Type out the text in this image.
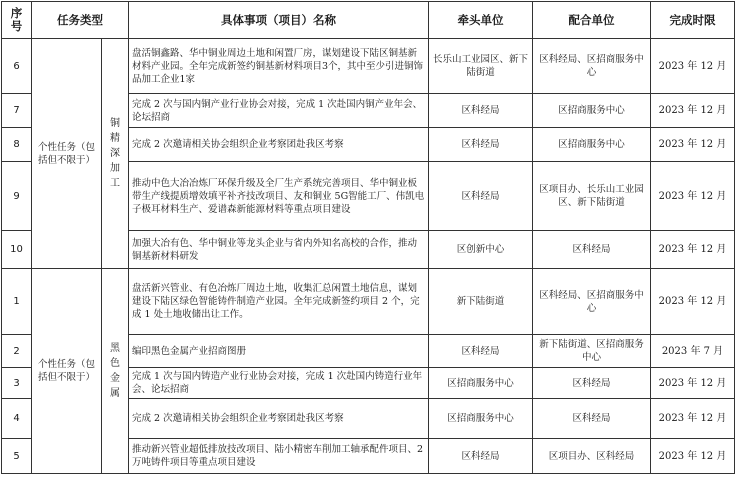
序号	任务类型		具体事项（项目）名称	牵头单位	配合单位	完成时限
6	个性任务（包括但不限于）	铜精深加工	盘活铜鑫路、华中铜业周边土地和闲置厂房，谋划建设下陆区铜基新材料产业园。全年完成新签约铜基新材料项目3个，其中至少引进铜饰品加工企业1家	长乐山工业园区、新下陆街道	区科经局、区招商服务中心	2023 年 12 月
7			完成 2 次与国内铜产业行业协会对接，完成 1 次赴国内铜产业年会、论坛招商	区科经局	区招商服务中心	2023 年 12 月
8			完成 2 次邀请相关协会组织企业考察团赴我区考察	区科经局	区招商服务中心	2023 年 12 月
9			推动中色大冶冶炼厂环保升级及全厂生产系统完善项目、华中铜业板带生产线提质增效填平补齐技改项目、友和铜业 5G智能工厂、伟凯电子极耳材料生产、爱谱森新能源材料等重点项目建设	区科经局	区项目办、长乐山工业园区、新下陆街道	2023 年 12 月
10			加强大冶有色、华中铜业等龙头企业与省内外知名高校的合作，推动铜基新材料研发	区创新中心	区科经局	2023 年 12 月
1	个性任务（包括但不限于）	黑色金属	盘活新兴管业、有色冶炼厂周边土地，收集汇总闲置土地信息，谋划建设下陆区绿色智能铸件制造产业园。全年完成新签约项目 2 个，完成 1 处土地收储出让工作。	新下陆街道	区科经局、区招商服务中心	2023 年 12 月
2			编印黑色金属产业招商图册	区科经局	新下陆街道、区招商服务中心	2023 年 7 月
3			完成 1 次与国内铸造产业行业协会对接，完成 1 次赴国内铸造行业年会、论坛招商	区招商服务中心	区科经局	2023 年 12 月
4			完成 2 次邀请相关协会组织企业考察团赴我区考察	区招商服务中心	区科经局	2023 年 12 月
5			推动新兴管业超低排放技改项目、陆小精密车削加工轴承配件项目、2 万吨铸件项目等重点项目建设	区科经局	区项目办、区科经局	2023 年 12 月
